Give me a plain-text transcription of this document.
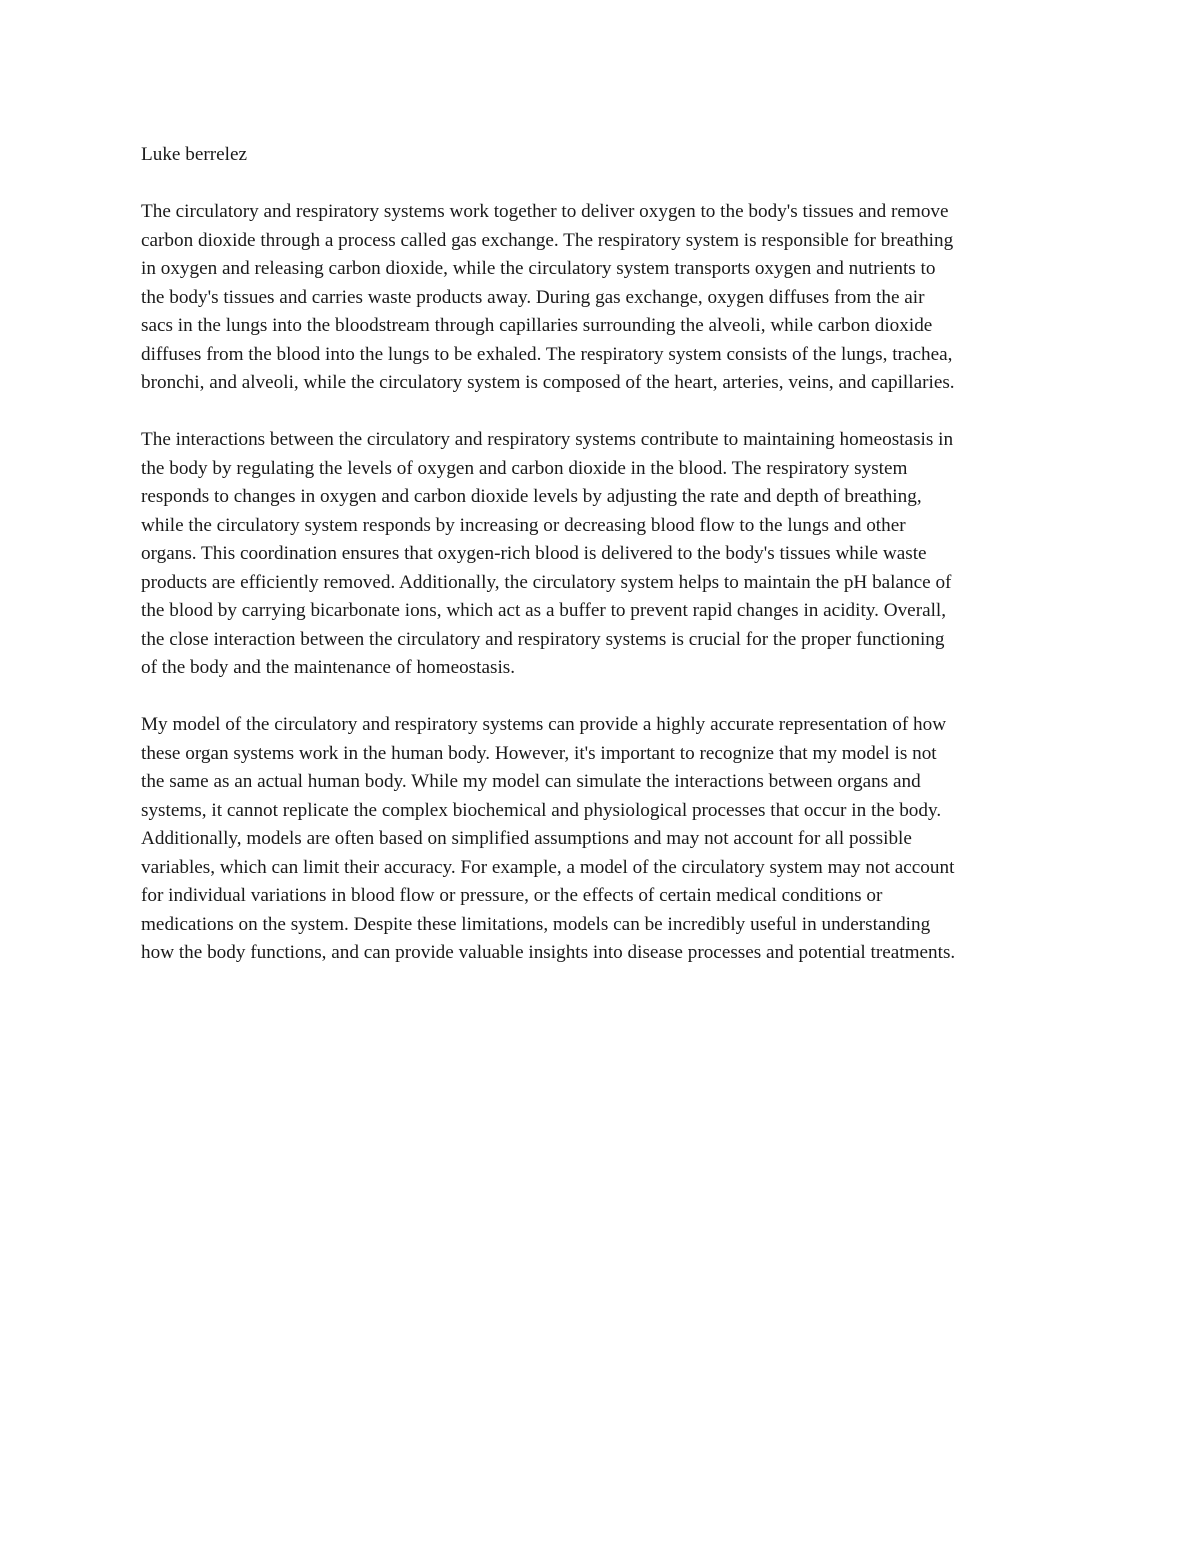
Luke berrelez

The circulatory and respiratory systems work together to deliver oxygen to the body's tissues and remove
carbon dioxide through a process called gas exchange. The respiratory system is responsible for breathing
in oxygen and releasing carbon dioxide, while the circulatory system transports oxygen and nutrients to
the body's tissues and carries waste products away. During gas exchange, oxygen diffuses from the air
sacs in the lungs into the bloodstream through capillaries surrounding the alveoli, while carbon dioxide
diffuses from the blood into the lungs to be exhaled. The respiratory system consists of the lungs, trachea,
bronchi, and alveoli, while the circulatory system is composed of the heart, arteries, veins, and capillaries.

The interactions between the circulatory and respiratory systems contribute to maintaining homeostasis in
the body by regulating the levels of oxygen and carbon dioxide in the blood. The respiratory system
responds to changes in oxygen and carbon dioxide levels by adjusting the rate and depth of breathing,
while the circulatory system responds by increasing or decreasing blood flow to the lungs and other
organs. This coordination ensures that oxygen-rich blood is delivered to the body's tissues while waste
products are efficiently removed. Additionally, the circulatory system helps to maintain the pH balance of
the blood by carrying bicarbonate ions, which act as a buffer to prevent rapid changes in acidity. Overall,
the close interaction between the circulatory and respiratory systems is crucial for the proper functioning
of the body and the maintenance of homeostasis.

My model of the circulatory and respiratory systems can provide a highly accurate representation of how
these organ systems work in the human body. However, it's important to recognize that my model is not
the same as an actual human body. While my model can simulate the interactions between organs and
systems, it cannot replicate the complex biochemical and physiological processes that occur in the body.
Additionally, models are often based on simplified assumptions and may not account for all possible
variables, which can limit their accuracy. For example, a model of the circulatory system may not account
for individual variations in blood flow or pressure, or the effects of certain medical conditions or
medications on the system. Despite these limitations, models can be incredibly useful in understanding
how the body functions, and can provide valuable insights into disease processes and potential treatments.
